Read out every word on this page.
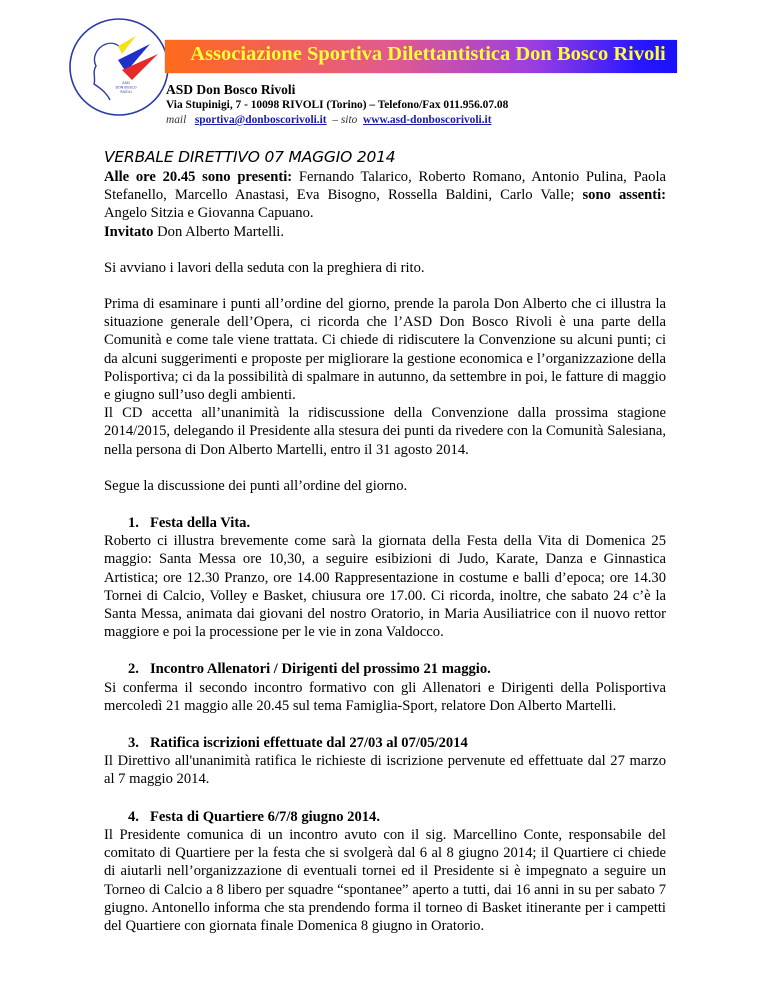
ASD
DON BOSCO
RIVOLI
Associazione Sportiva Dilettantistica Don Bosco Rivoli
ASD Don Bosco Rivoli
Via Stupinigi, 7 - 10098 RIVOLI (Torino) – Telefono/Fax 011.956.07.08
mail sportiva@donboscorivoli.it – sito www.asd-donboscorivoli.it
VERBALE DIRETTIVO 07 MAGGIO 2014

Alle ore 20.45 sono presenti: Fernando Talarico, Roberto Romano, Antonio Pulina, Paola Stefanello, Marcello Anastasi, Eva Bisogno, Rossella Baldini, Carlo Valle; sono assenti: Angelo Sitzia e Giovanna Capuano.

Invitato Don Alberto Martelli.

Si avviano i lavori della seduta con la preghiera di rito.

Prima di esaminare i punti all’ordine del giorno, prende la parola Don Alberto che ci illustra la situazione generale dell’Opera, ci ricorda che l’ASD Don Bosco Rivoli è una parte della Comunità e come tale viene trattata. Ci chiede di ridiscutere la Convenzione su alcuni punti; ci da alcuni suggerimenti e proposte per migliorare la gestione economica e l’organizzazione della Polisportiva; ci da la possibilità di spalmare in autunno, da settembre in poi, le fatture di maggio e giugno sull’uso degli ambienti.

Il CD accetta all’unanimità la ridiscussione della Convenzione dalla prossima stagione 2014/2015, delegando il Presidente alla stesura dei punti da rivedere con la Comunità Salesiana, nella persona di Don Alberto Martelli, entro il 31 agosto 2014.

Segue la discussione dei punti all’ordine del giorno.

1. Festa della Vita.

Roberto ci illustra brevemente come sarà la giornata della Festa della Vita di Domenica 25 maggio: Santa Messa ore 10,30, a seguire esibizioni di Judo, Karate, Danza e Ginnastica Artistica; ore 12.30 Pranzo, ore 14.00 Rappresentazione in costume e balli d’epoca; ore 14.30 Tornei di Calcio, Volley e Basket, chiusura ore 17.00. Ci ricorda, inoltre, che sabato 24 c’è la Santa Messa, animata dai giovani del nostro Oratorio, in Maria Ausiliatrice con il nuovo rettor maggiore e poi la processione per le vie in zona Valdocco.

2. Incontro Allenatori / Dirigenti del prossimo 21 maggio.

Si conferma il secondo incontro formativo con gli Allenatori e Dirigenti della Polisportiva mercoledì 21 maggio alle 20.45 sul tema Famiglia-Sport, relatore Don Alberto Martelli.

3. Ratifica iscrizioni effettuate dal 27/03 al 07/05/2014

Il Direttivo all'unanimità ratifica le richieste di iscrizione pervenute ed effettuate dal 27 marzo al 7 maggio 2014.

4. Festa di Quartiere 6/7/8 giugno 2014.

Il Presidente comunica di un incontro avuto con il sig. Marcellino Conte, responsabile del comitato di Quartiere per la festa che si svolgerà dal 6 al 8 giugno 2014; il Quartiere ci chiede di aiutarli nell’organizzazione di eventuali tornei ed il Presidente si è impegnato a seguire un Torneo di Calcio a 8 libero per squadre “spontanee” aperto a tutti, dai 16 anni in su per sabato 7 giugno. Antonello informa che sta prendendo forma il torneo di Basket itinerante per i campetti del Quartiere con giornata finale Domenica 8 giugno in Oratorio.
